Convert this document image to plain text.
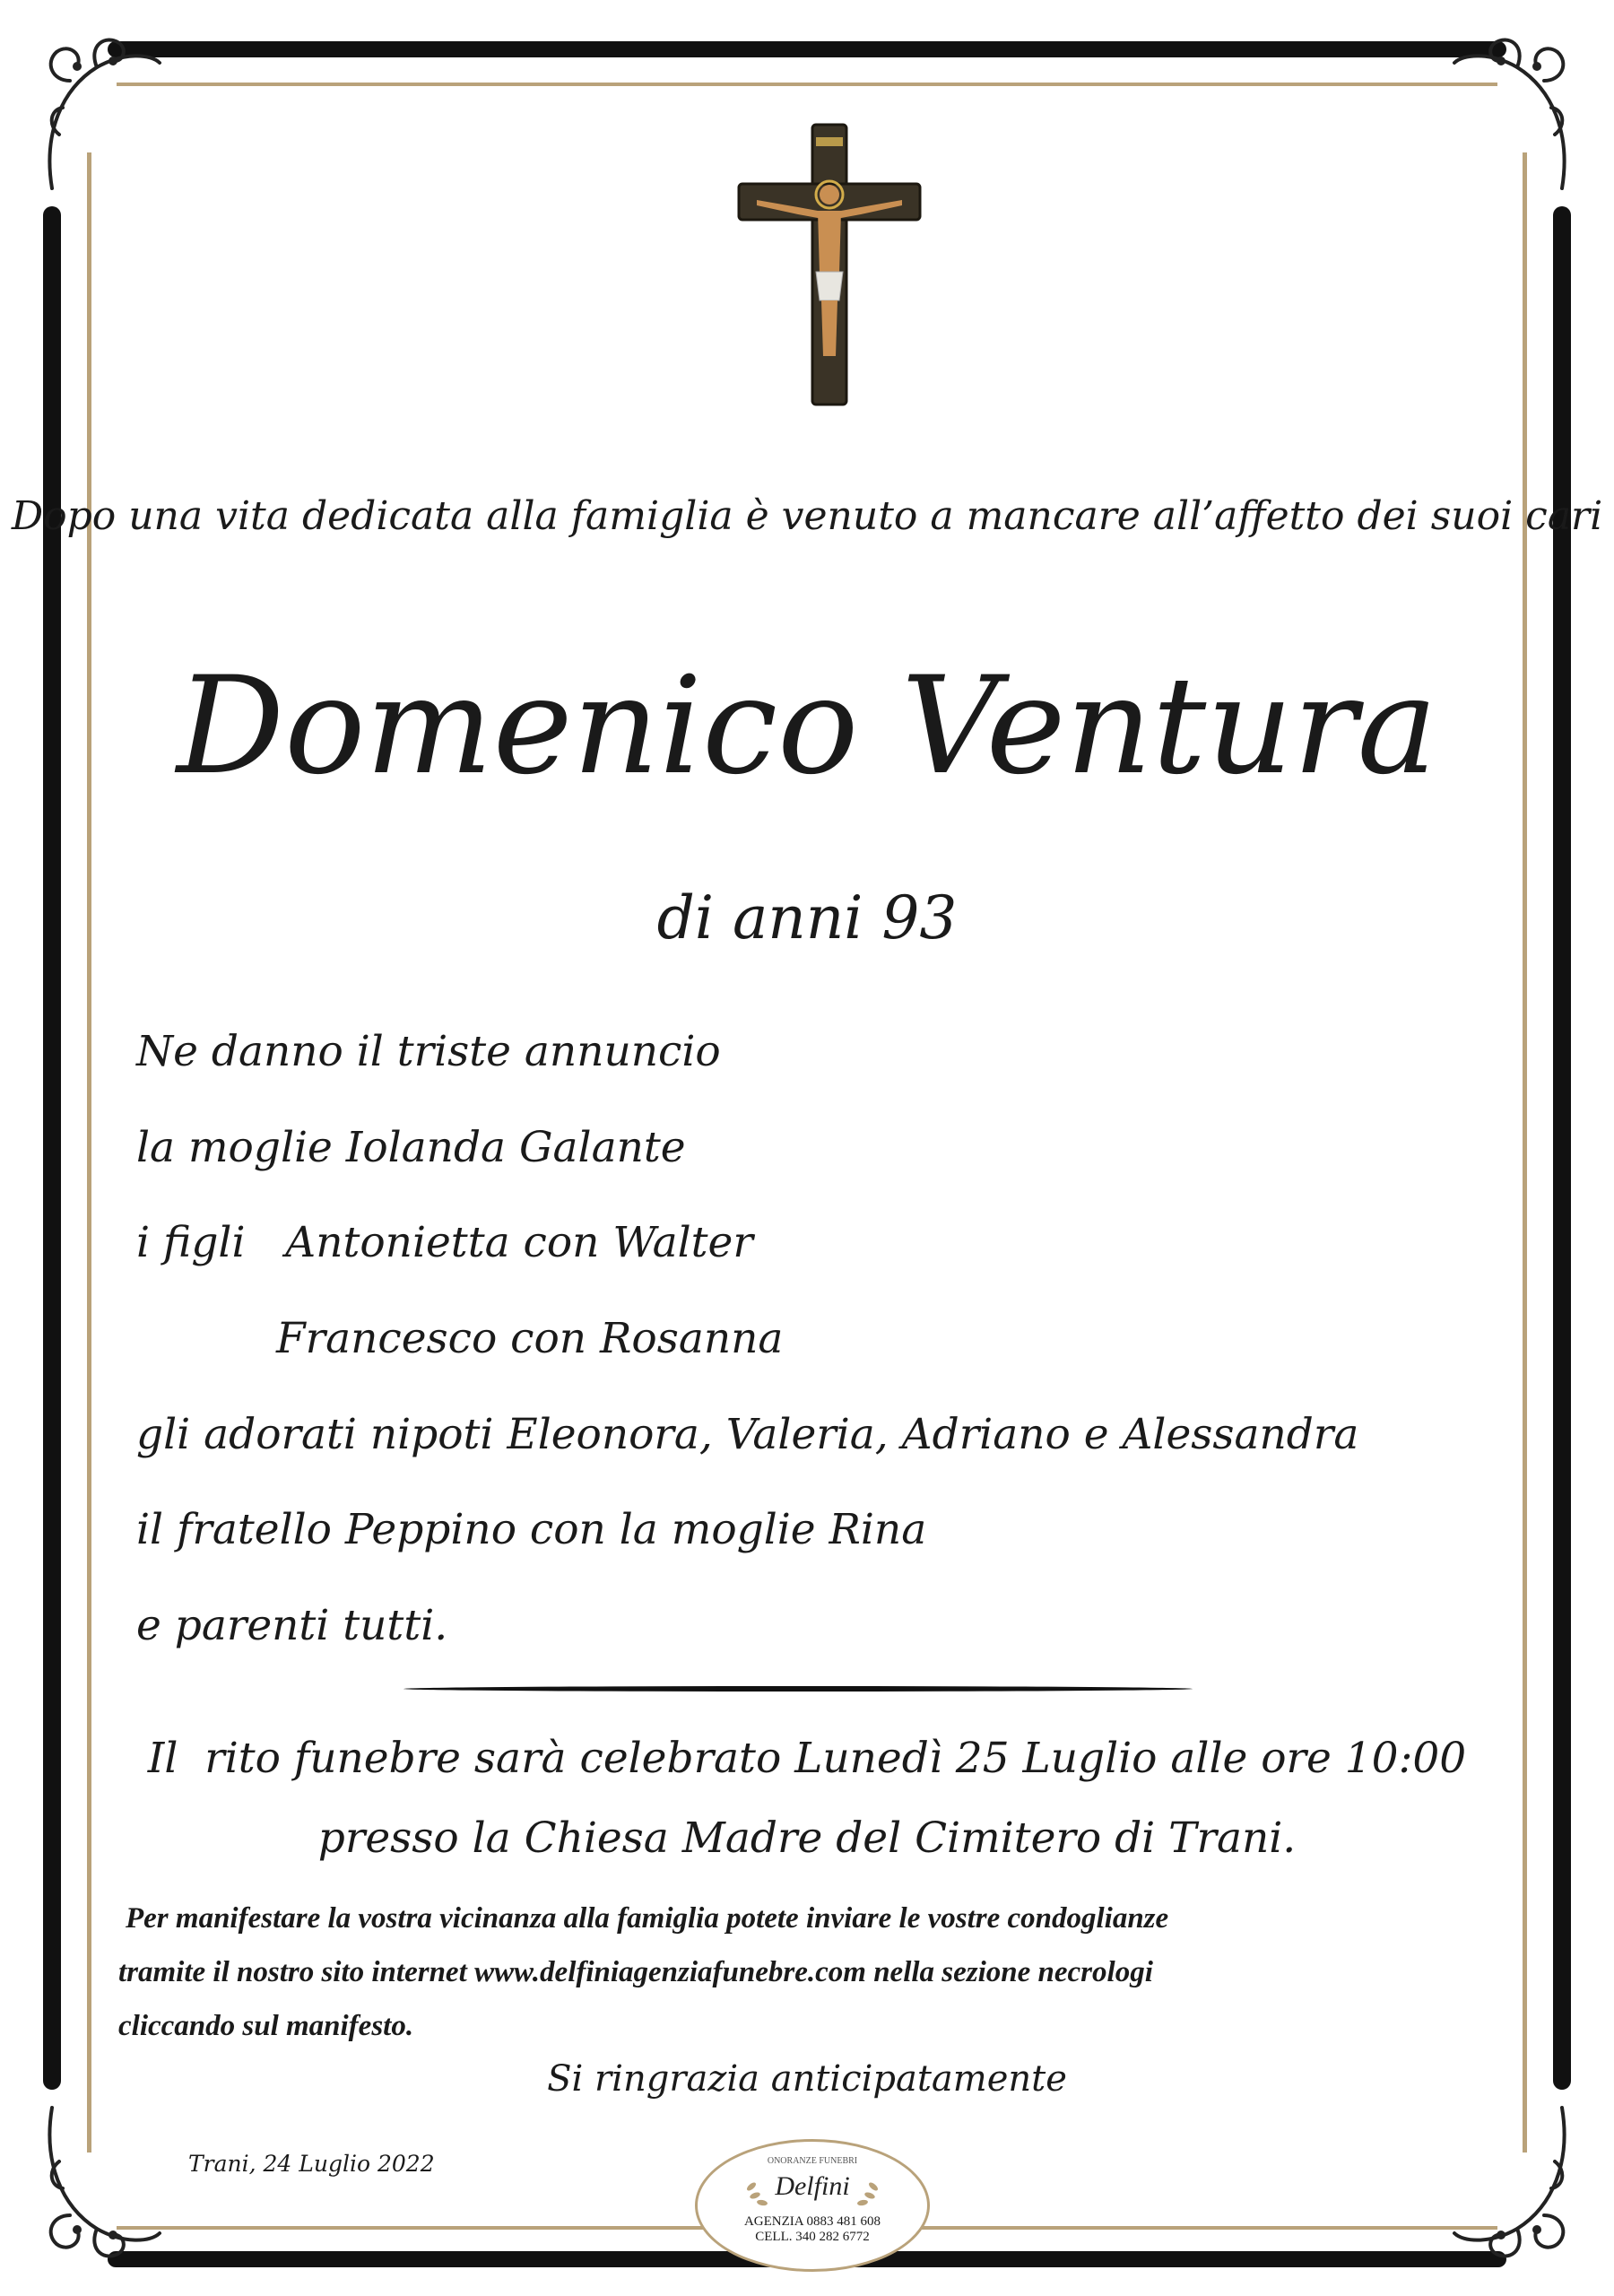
Dopo una vita dedicata alla famiglia è venuto a mancare all’affetto dei suoi cari
Domenico Ventura
di anni 93
Ne danno il triste annuncio
la moglie Iolanda Galante
i figli   Antonietta con Walter
Francesco con Rosanna
gli adorati nipoti Eleonora, Valeria, Adriano e Alessandra
il fratello Peppino con la moglie Rina
e parenti tutti.
Il  rito funebre sarà celebrato Lunedì 25 Luglio alle ore 10:00
presso la Chiesa Madre del Cimitero di Trani.
Per manifestare la vostra vicinanza alla famiglia potete inviare le vostre condoglianze
tramite il nostro sito internet www.delfiniagenziafunebre.com nella sezione necrologi
cliccando sul manifesto.
Si ringrazia anticipatamente
Trani, 24 Luglio 2022	ONORANZE FUNEBRI
Delfini
AGENZIA 0883 481 608
CELL. 340 282 6772
